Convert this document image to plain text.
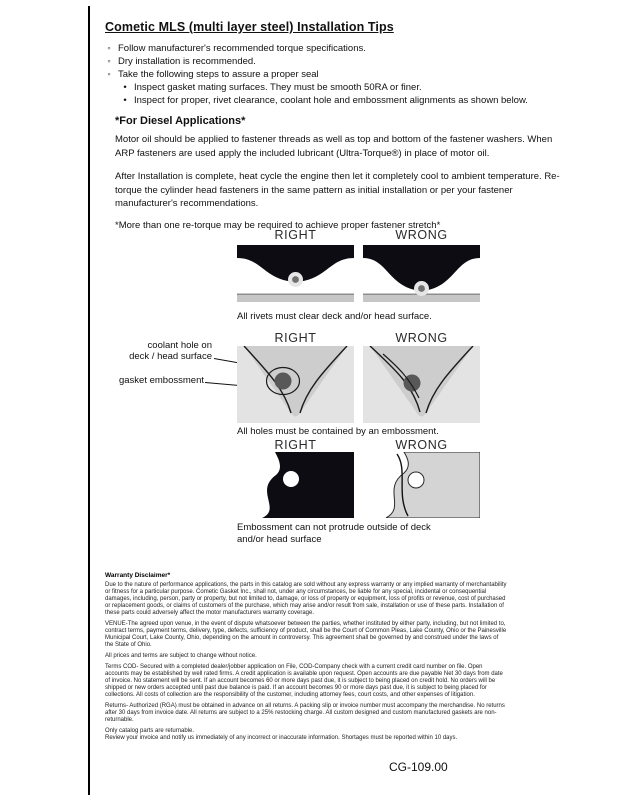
Cometic MLS (multi layer steel) Installation Tips
◦ Follow manufacturer's recommended torque specifications.
◦ Dry installation is recommended.
◦ Take the following steps to assure a proper seal
• Inspect gasket mating surfaces. They must be smooth 50RA or finer.
• Inspect for proper, rivet clearance, coolant hole and embossment alignments as shown below.
*For Diesel Applications*

Motor oil should be applied to fastener threads as well as top and bottom of the fastener washers. When ARP fasteners are used apply the included lubricant (Ultra-Torque®) in place of motor oil.

After Installation is complete, heat cycle the engine then let it completely cool to ambient temperature. Re-torque the cylinder head fasteners in the same pattern as initial installation or per your fastener manufacturer's recommendations.

*More than one re-torque may be required to achieve proper fastener stretch*

RIGHT	WRONG
All rivets must clear deck and/or head surface.
RIGHT	WRONG
coolant hole on
deck / head surface
gasket embossment
All holes must be contained by an embossment.
RIGHT	WRONG
Embossment can not protrude outside of deck and/or head surface
Warranty Disclaimer*

Due to the nature of performance applications, the parts in this catalog are sold without any express warranty or any implied warranty of merchantability or fitness for a particular purpose. Cometic Gasket Inc., shall not, under any circumstances, be liable for any special, incidental or consequential damages, including, person, party or property, but not limited to, damage, or loss of property or equipment, loss of profits or revenue, cost of purchased or replacement goods, or claims of customers of the purchase, which may arise and/or result from sale, installation or use of these parts. Installation of these parts could adversely affect the motor manufacturers warranty coverage.

VENUE-The agreed upon venue, in the event of dispute whatsoever between the parties, whether instituted by either party, including, but not limited to, contract terms, payment terms, delivery, type, defects, sufficiency of product, shall be the Court of Common Pleas, Lake County, Ohio or the Painesville Municipal Court, Lake County, Ohio, depending on the amount in controversy. This agreement shall be governed by and construed under the laws of the State of Ohio.

All prices and terms are subject to change without notice.

Terms COD- Secured with a completed dealer/jobber application on File, COD-Company check with a current credit card number on file. Open accounts may be established by well rated firms. A credit application is available upon request. Open accounts are due payable Net 30 days from date of invoice. No statement will be sent. If an account becomes 60 or more days past due, it is subject to being placed on credit hold. No orders will be shipped or new orders accepted until past due balance is paid. If an account becomes 90 or more days past due, it is subject to being placed for collections. All costs of collection are the responsibility of the customer, including attorney fees, court costs, and other expenses of litigation.

Returns- Authorized (RGA) must be obtained in advance on all returns. A packing slip or invoice number must accompany the merchandise. No returns after 30 days from invoice date. All returns are subject to a 25% restocking charge. All custom designed and custom manufactured gaskets are non-returnable.

Only catalog parts are returnable.

Review your invoice and notify us immediately of any incorrect or inaccurate information. Shortages must be reported within 10 days.

CG-109.00
